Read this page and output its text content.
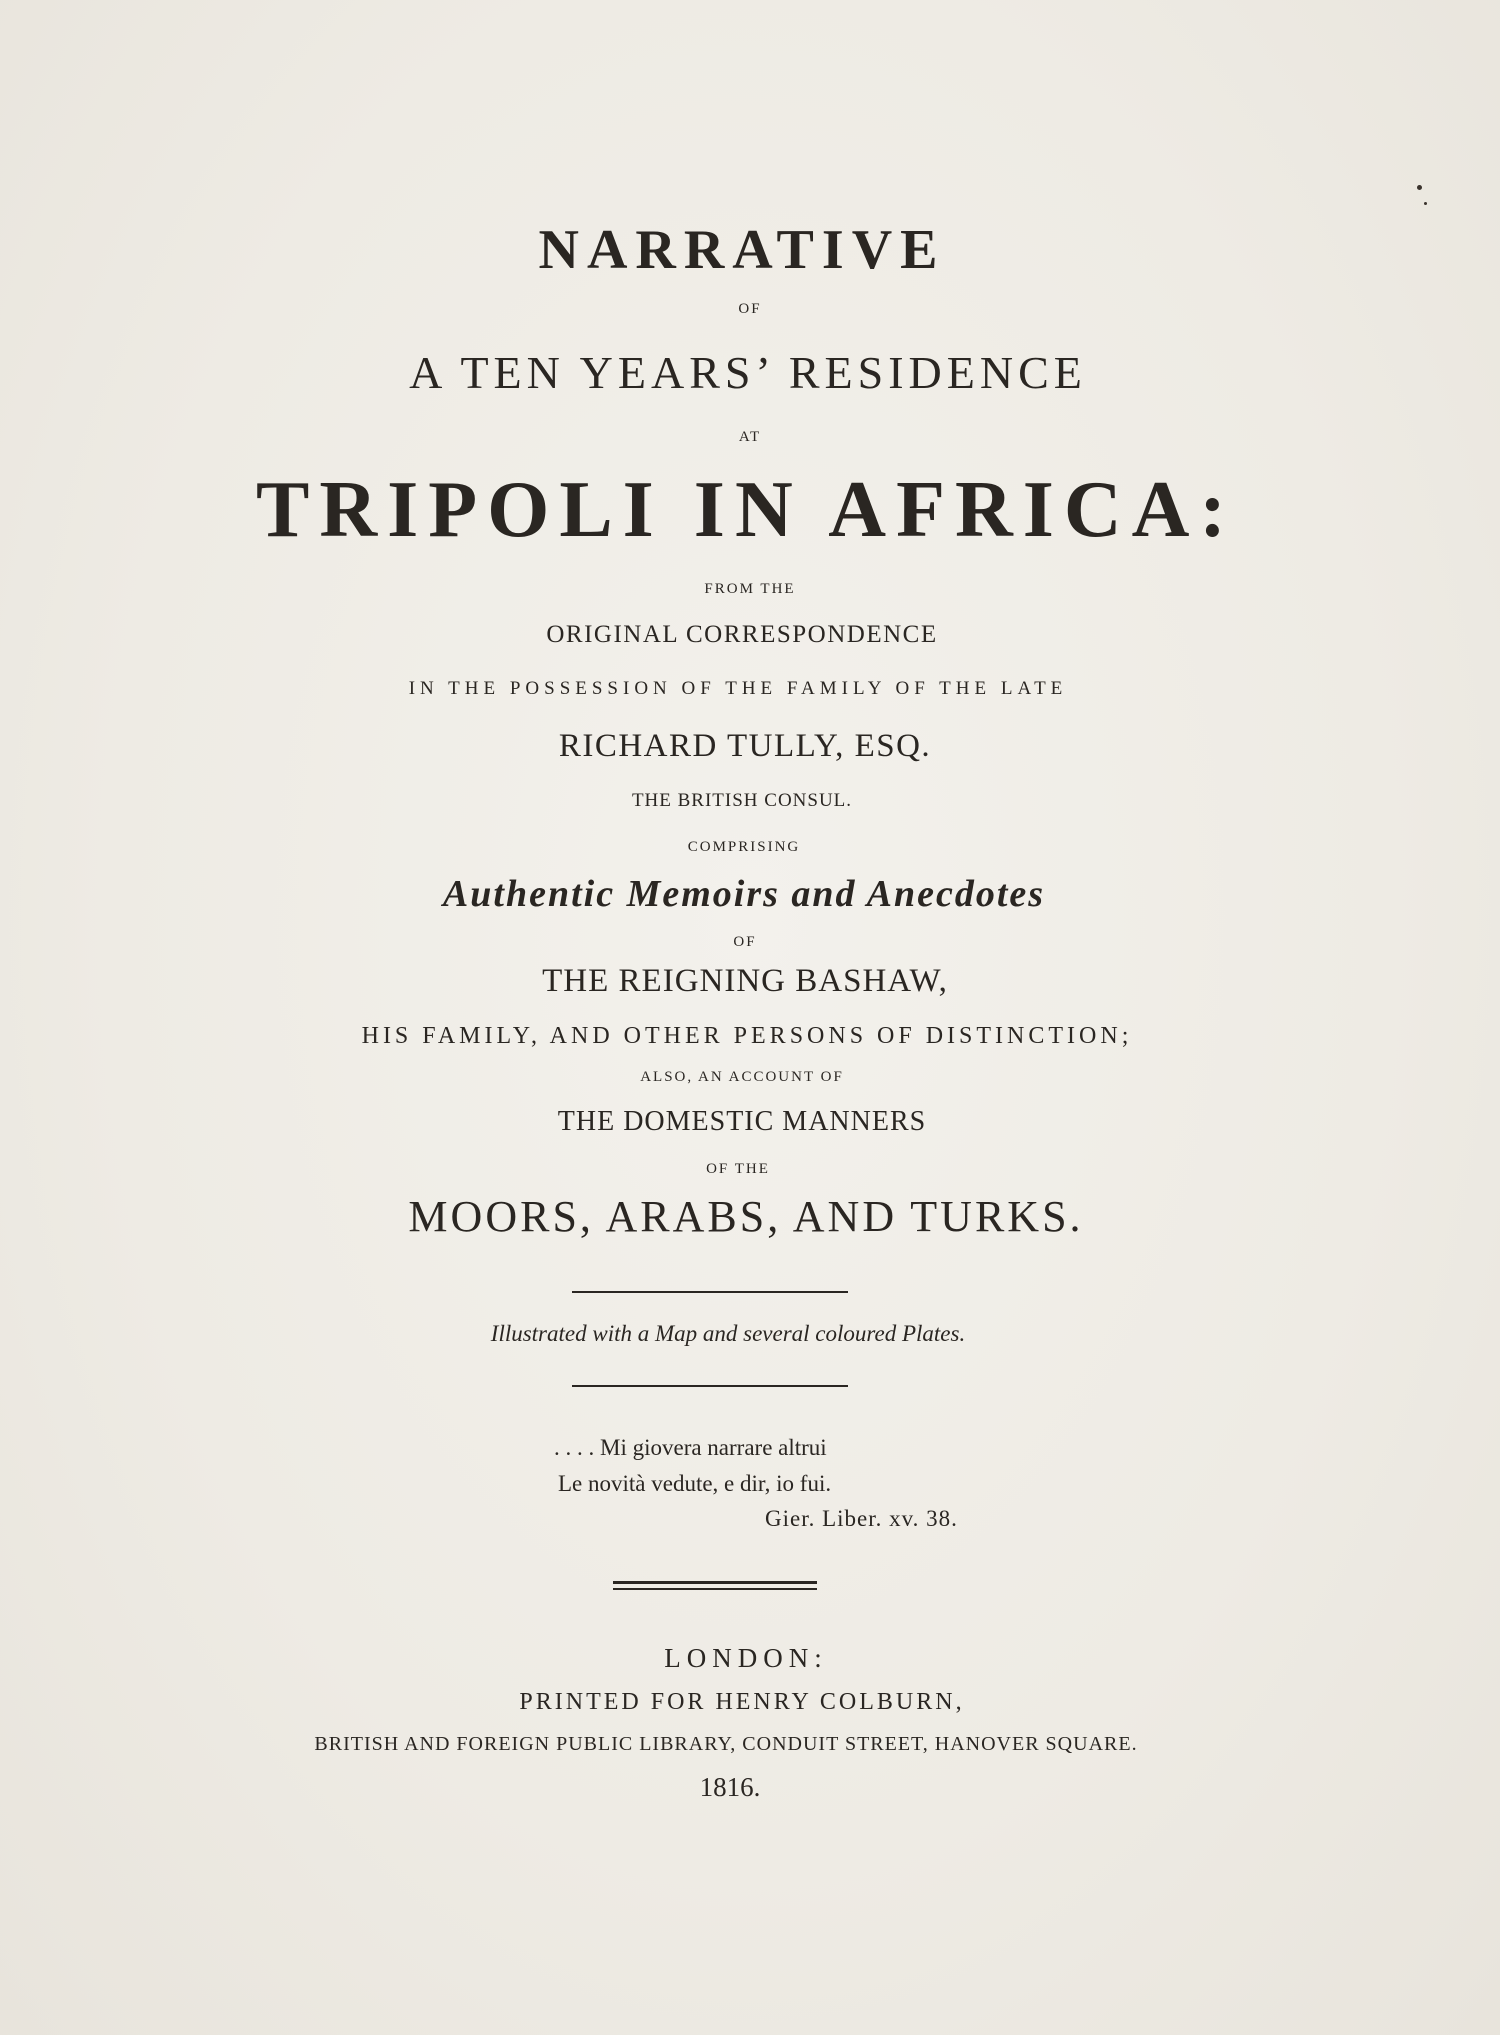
NARRATIVE
OF
A TEN YEARS’ RESIDENCE
AT
TRIPOLI IN AFRICA:
FROM THE
ORIGINAL CORRESPONDENCE
IN THE POSSESSION OF THE FAMILY OF THE LATE
RICHARD TULLY, ESQ.
THE BRITISH CONSUL.
COMPRISING
Authentic Memoirs and Anecdotes
OF
THE REIGNING BASHAW,
HIS FAMILY, AND OTHER PERSONS OF DISTINCTION;
ALSO, AN ACCOUNT OF
THE DOMESTIC MANNERS
OF THE
MOORS, ARABS, AND TURKS.
Illustrated with a Map and several coloured Plates.
. . . . Mi giovera narrare altrui
Le novità vedute, e dir, io fui.
Gier. Liber. xv. 38.
LONDON:
PRINTED FOR HENRY COLBURN,
BRITISH AND FOREIGN PUBLIC LIBRARY, CONDUIT STREET, HANOVER SQUARE.
1816.
